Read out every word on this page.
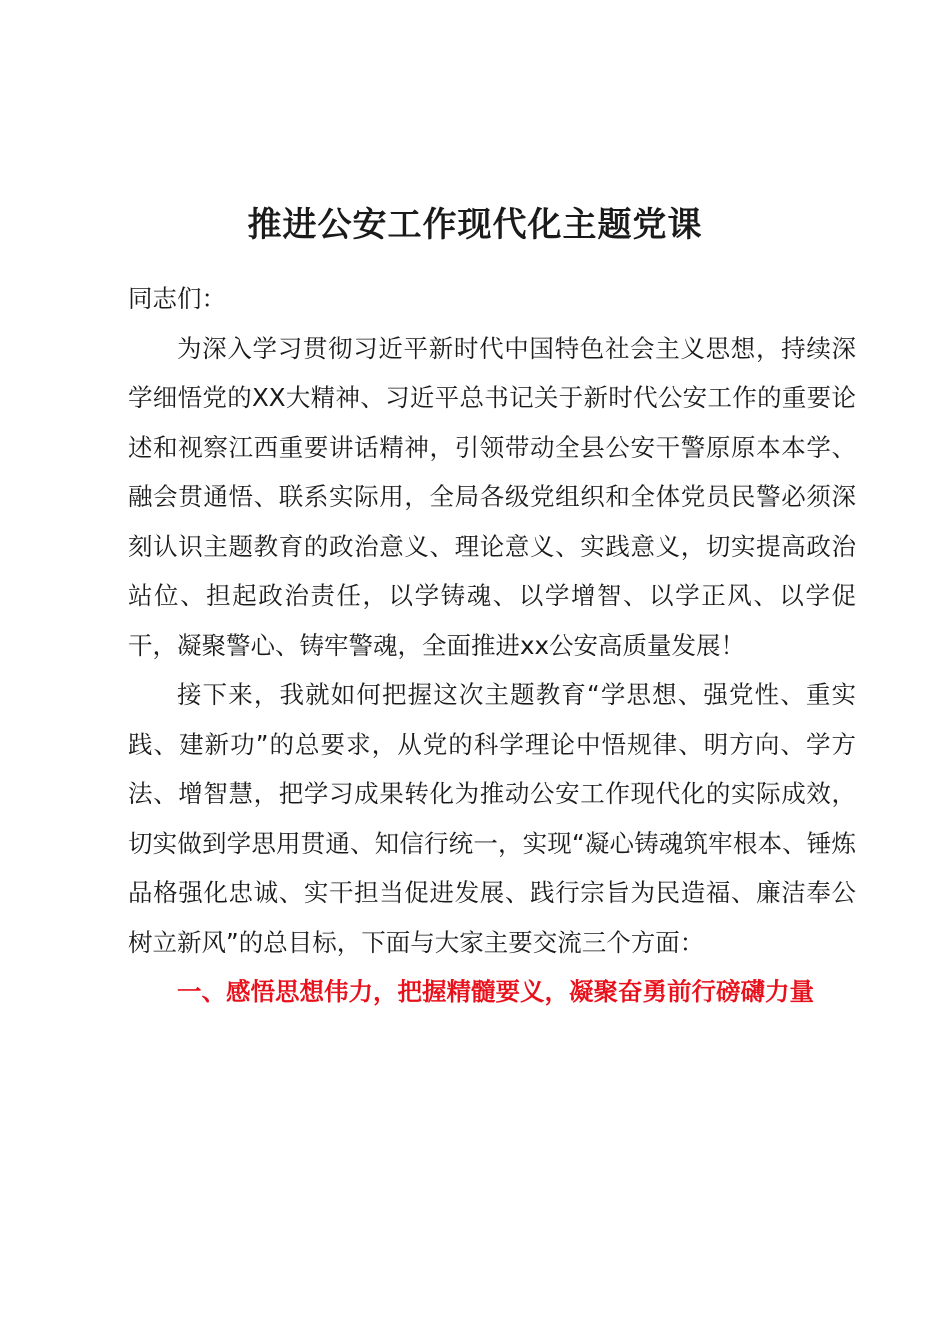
推进公安工作现代化主题党课

同志们：

为深入学习贯彻习近平新时代中国特色社会主义思想，持续深学细悟党的XX大精神、习近平总书记关于新时代公安工作的重要论述和视察江西重要讲话精神，引领带动全县公安干警原原本本学、融会贯通悟、联系实际用，全局各级党组织和全体党员民警必须深刻认识主题教育的政治意义、理论意义、实践意义，切实提高政治站位、担起政治责任，以学铸魂、以学增智、以学正风、以学促干，凝聚警心、铸牢警魂，全面推进xx公安高质量发展！

接下来，我就如何把握这次主题教育“学思想、强党性、重实践、建新功”的总要求，从党的科学理论中悟规律、明方向、学方法、增智慧，把学习成果转化为推动公安工作现代化的实际成效，切实做到学思用贯通、知信行统一，实现“凝心铸魂筑牢根本、锤炼品格强化忠诚、实干担当促进发展、践行宗旨为民造福、廉洁奉公树立新风”的总目标，下面与大家主要交流三个方面：

一、感悟思想伟力，把握精髓要义，凝聚奋勇前行磅礴力量
